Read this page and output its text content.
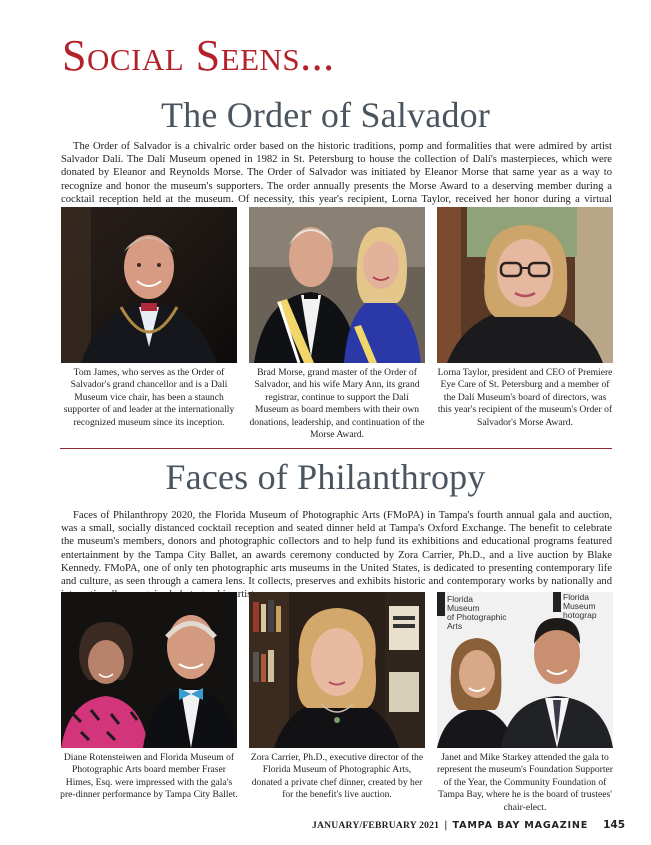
Social Seens...
The Order of Salvador

The Order of Salvador is a chivalric order based on the historic traditions, pomp and formalities that were admired by artist Salvador Dalí. The Dalí Museum opened in 1982 in St. Petersburg to house the collection of Dalí's masterpieces, which were donated by Eleanor and Reynolds Morse. The Order of Salvador was initiated by Eleanor Morse that same year as a way to recognize and honor the museum's supporters. The order annually presents the Morse Award to a deserving member during a cocktail reception held at the museum. Of necessity, this year's recipient, Lorna Taylor, received her honor during a virtual

Tom James, who serves as the Order of Salvador's grand chancellor and is a Dalí Museum vice chair, has been a staunch supporter of and leader at the internationally recognized museum since its inception.
Brad Morse, grand master of the Order of Salvador, and his wife Mary Ann, its grand registrar, continue to support the Dalí Museum as board members with their own donations, leadership, and continuation of the Morse Award.
Lorna Taylor, president and CEO of Premiere Eye Care of St. Petersburg and a member of the Dalí Museum's board of directors, was this year's recipient of the museum's Order of Salvador's Morse Award.
Faces of Philanthropy

Faces of Philanthropy 2020, the Florida Museum of Photographic Arts (FMoPA) in Tampa's fourth annual gala and auction, was a small, socially distanced cocktail reception and seated dinner held at Tampa's Oxford Exchange. The benefit to celebrate the museum's members, donors and photographic collectors and to help fund its exhibitions and educational programs featured entertainment by the Tampa City Ballet, an awards ceremony conducted by Zora Carrier, Ph.D., and a live auction by Blake Kennedy. FMoPA, one of only ten photographic arts museums in the United States, is dedicated to presenting contemporary life and culture, as seen through a camera lens. It collects, preserves and exhibits historic and contemporary works by nationally and artists.	Florida
Museum
of Photographic
Arts
Florida
Museum
hotograp
Diane Rotensteiwen and Florida Museum of Photographic Arts board member Fraser Himes, Esq. were impressed with the gala's pre-dinner performance by Tampa City Ballet.
Zora Carrier, Ph.D., executive director of the Florida Museum of Photographic Arts, donated a private chef dinner, created by her for the benefit's live auction.
Janet and Mike Starkey attended the gala to represent the museum's Foundation Supporter of the Year, the Community Foundation of Tampa Bay, where he is the board of trustees' chair-elect.
JANUARY/FEBRUARY 2021 | TAMPA BAY MAGAZINE 145
